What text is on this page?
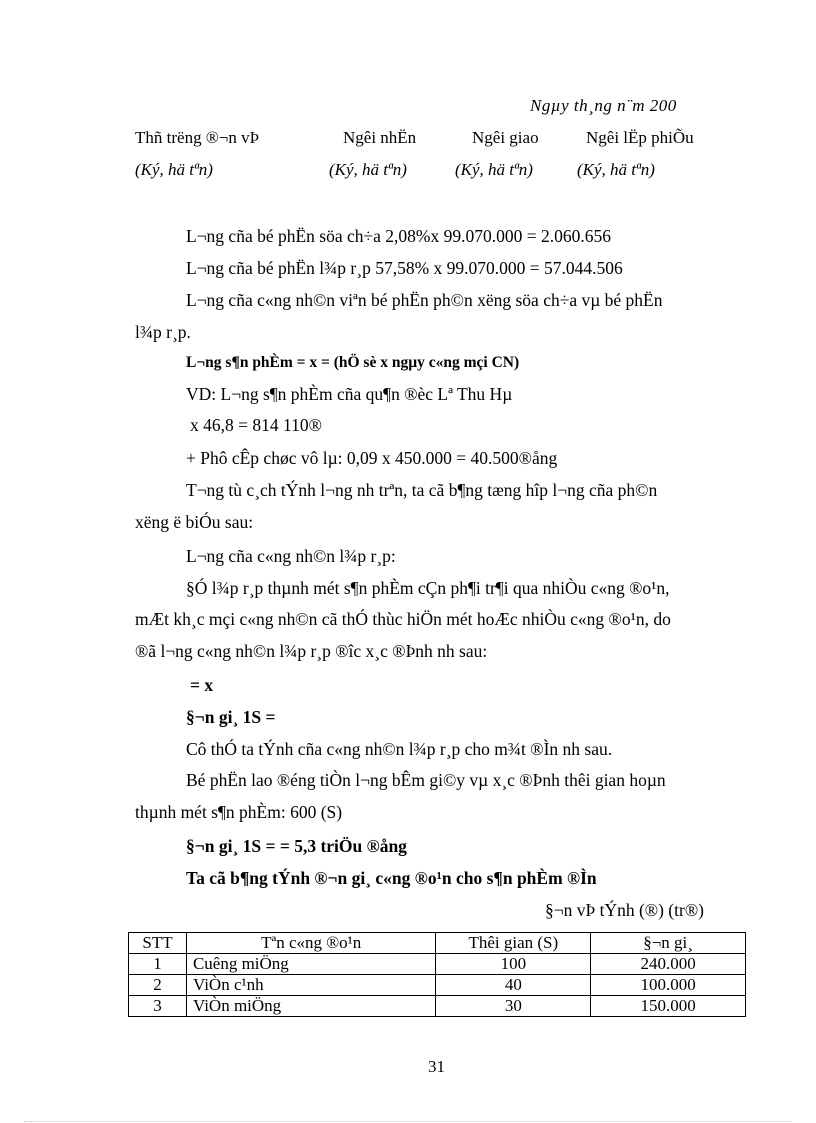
Ngµy th¸ng n¨m 200
Thñ trëng ®¬n vÞ	Ngêi nhËn	Ngêi giao	Ngêi lËp phiÕu
(Ký, hä tªn)	(Ký, hä tªn)	(Ký, hä tªn)	(Ký, hä tªn)
L¬ng cña bé phËn söa ch÷a 2,08%x 99.070.000 = 2.060.656
L¬ng cña bé phËn l¾p r¸p 57,58% x 99.070.000 = 57.044.506
L¬ng cña c«ng nh©n viªn bé phËn ph©n xëng söa ch÷a vµ bé phËn
l¾p r¸p.
L¬ng s¶n phÈm = x = (hÖ sè x ngµy c«ng mçi CN)
VD: L¬ng s¶n phÈm cña qu¶n ®èc Lª Thu Hµ
x 46,8 = 814 110®
+ Phô cÊp chøc vô lµ: 0,09 x 450.000 = 40.500®ång
T¬ng tù c¸ch tÝnh l¬ng nh trªn, ta cã b¶ng tæng hîp l¬ng cña ph©n
xëng ë biÓu sau:
L¬ng cña c«ng nh©n l¾p r¸p:
§Ó l¾p r¸p thµnh mét s¶n phÈm cÇn ph¶i tr¶i qua nhiÒu c«ng ®o¹n,
mÆt kh¸c mçi c«ng nh©n cã thÓ thùc hiÖn mét hoÆc nhiÒu c«ng ®o¹n, do
®ã l¬ng c«ng nh©n l¾p r¸p ®îc x¸c ®Þnh nh sau:
= x
§¬n gi¸ 1S =
Cô thÓ ta tÝnh cña c«ng nh©n l¾p r¸p cho m¾t ®Ìn nh sau.
Bé phËn lao ®éng tiÒn l¬ng bÊm gi©y vµ x¸c ®Þnh thêi gian hoµn
thµnh mét s¶n phÈm: 600 (S)
§¬n gi¸ 1S = = 5,3 triÖu ®ång
Ta cã b¶ng tÝnh ®¬n gi¸ c«ng ®o¹n cho s¶n phÈm ®Ìn
§¬n vÞ tÝnh (®) (tr®)
STT	Tªn c«ng ®o¹n	Thêi gian (S)	§¬n gi¸
1	Cuêng miÖng	100	240.000
2	ViÒn c¹nh	40	100.000
3	ViÒn miÖng	30	150.000
31
